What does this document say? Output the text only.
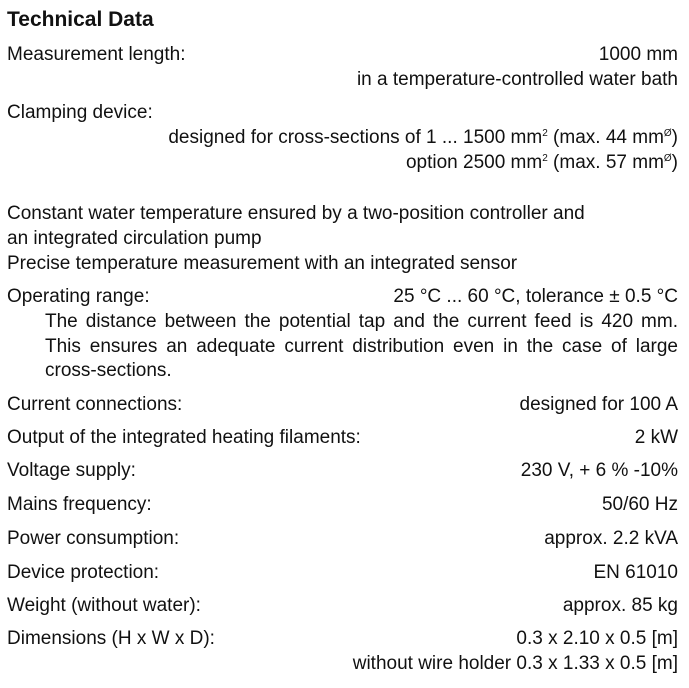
Technical Data
Measurement length:	1000 mm
in a temperature-controlled water bath
Clamping device:
designed for cross-sections of 1 ... 1500 $mm^2$ (max. 44 $mm^Ø$)
option 2500 $mm^2$ (max. 57 $mm^Ø$)
Constant water temperature ensured by a two-position controller and
an integrated circulation pump
Precise temperature measurement with an integrated sensor
Operating range:	25 °C ... 60 °C, tolerance ± 0.5 °C
The distance between the potential tap and the current feed is 420 mm. This ensures an adequate current distribution even in the case of large cross-sections.
Current connections:	designed for 100 A
Output of the integrated heating filaments:	2 kW
Voltage supply:	230 V, + 6 % -10%
Mains frequency:	50/60 Hz
Power consumption:	approx. 2.2 kVA
Device protection:	EN 61010
Weight (without water):	approx. 85 kg
Dimensions (H x W x D):	0.3 x 2.10 x 0.5 [m]
without wire holder 0.3 x 1.33 x 0.5 [m]
